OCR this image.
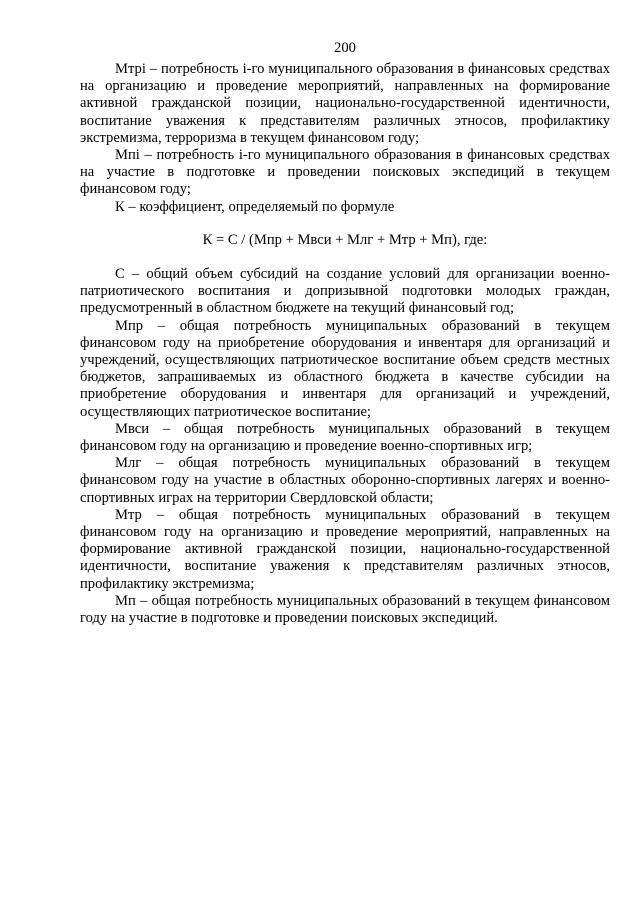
200

Мтрi – потребность i-го муниципального образования в финансовых средствах на организацию и проведение мероприятий, направленных на формирование активной гражданской позиции, национально-государственной идентичности, воспитание уважения к представителям различных этносов, профилактику экстремизма, терроризма в текущем финансовом году;

Мпi – потребность i-го муниципального образования в финансовых средствах на участие в подготовке и проведении поисковых экспедиций в текущем финансовом году;

К – коэффициент, определяемый по формуле

К = С / (Мпр + Мвси + Млг + Мтр + Мп), где:

С – общий объем субсидий на создание условий для организации военно-патриотического воспитания и допризывной подготовки молодых граждан, предусмотренный в областном бюджете на текущий финансовый год;

Мпр – общая потребность муниципальных образований в текущем финансовом году на приобретение оборудования и инвентаря для организаций и учреждений, осуществляющих патриотическое воспитание объем средств местных бюджетов, запрашиваемых из областного бюджета в качестве субсидии на приобретение оборудования и инвентаря для организаций и учреждений, осуществляющих патриотическое воспитание;

Мвси – общая потребность муниципальных образований в текущем финансовом году на организацию и проведение военно-спортивных игр;

Млг – общая потребность муниципальных образований в текущем финансовом году на участие в областных оборонно-спортивных лагерях и военно-спортивных играх на территории Свердловской области;

Мтр – общая потребность муниципальных образований в текущем финансовом году на организацию и проведение мероприятий, направленных на формирование активной гражданской позиции, национально-государственной идентичности, воспитание уважения к представителям различных этносов, профилактику экстремизма;

Мп – общая потребность муниципальных образований в текущем финансовом году на участие в подготовке и проведении поисковых экспедиций.
